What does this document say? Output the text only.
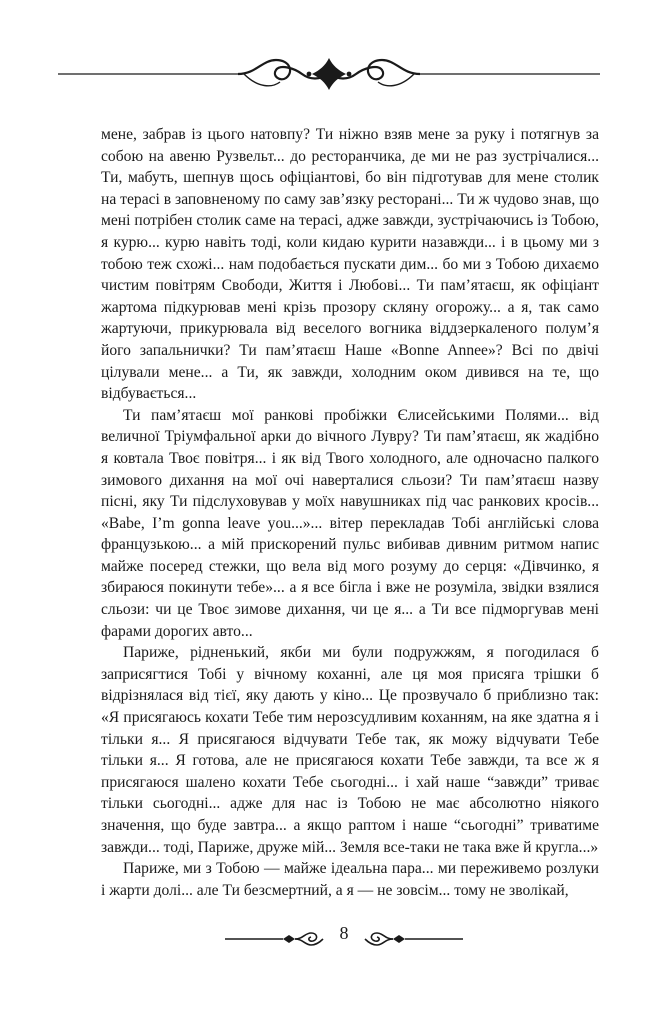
мене, забрав із цього натовпу? Ти ніжно взяв мене за руку і потягнув за собою на авеню Рузвельт... до ресторанчика, де ми не раз зустрічалися... Ти, мабуть, шепнув щось офіціантові, бо він підготував для мене столик на терасі в заповненому по саму зав’язку ресторані... Ти ж чудово знав, що мені потрібен столик саме на терасі, адже завжди, зустрічаючись із Тобою, я курю... курю навіть тоді, коли кидаю курити назавжди... і в цьому ми з тобою теж схожі... нам подобається пускати дим... бо ми з Тобою дихаємо чистим повітрям Свободи, Життя і Любові... Ти пам’ятаєш, як офіціант жартома підкурював мені крізь прозору скляну огорожу... а я, так само жартуючи, прикурювала від веселого вогника віддзеркаленого полум’я його запальнички? Ти пам’ятаєш Наше «Bonne Annee»? Всі по двічі цілували мене... а Ти, як завжди, холодним оком дивився на те, що відбувається...

Ти пам’ятаєш мої ранкові пробіжки Єлисейськими Полями... від величної Тріумфальної арки до вічного Лувру? Ти пам’ятаєш, як жадібно я ковтала Твоє повітря... і як від Твого холодного, але одночасно палкого зимового дихання на мої очі наверталися сльози? Ти пам’ятаєш назву пісні, яку Ти підслуховував у моїх навушниках під час ранкових кросів... «Babe, I’m gonna leave you...»... вітер перекладав Тобі англійські слова французькою... а мій прискорений пульс вибивав дивним ритмом напис майже посеред стежки, що вела від мого розуму до серця: «Дівчинко, я збираюся покинути тебе»... а я все бігла і вже не розуміла, звідки взялися сльози: чи це Твоє зимове дихання, чи це я... а Ти все підморгував мені фарами дорогих авто...

Париже, рідненький, якби ми були подружжям, я погодилася б заприсягтися Тобі у вічному коханні, але ця моя присяга трішки б відрізнялася від тієї, яку дають у кіно... Це прозвучало б приблизно так: «Я присягаюсь кохати Тебе тим нерозсудливим коханням, на яке здатна я і тільки я... Я присягаюся відчувати Тебе так, як можу відчувати Тебе тільки я... Я готова, але не присягаюся кохати Тебе завжди, та все ж я присягаюся шалено кохати Тебе сьогодні... і хай наше “завжди” триває тільки сьогодні... адже для нас із Тобою не має абсолютно ніякого значення, що буде завтра... а якщо раптом і наше “сьогодні” триватиме завжди... тоді, Париже, друже мій... Земля все-таки не така вже й кругла...»

Париже, ми з Тобою — майже ідеальна пара... ми переживемо розлуки і жарти долі... але Ти безсмертний, а я — не зовсім... тому не зволікай,

8
